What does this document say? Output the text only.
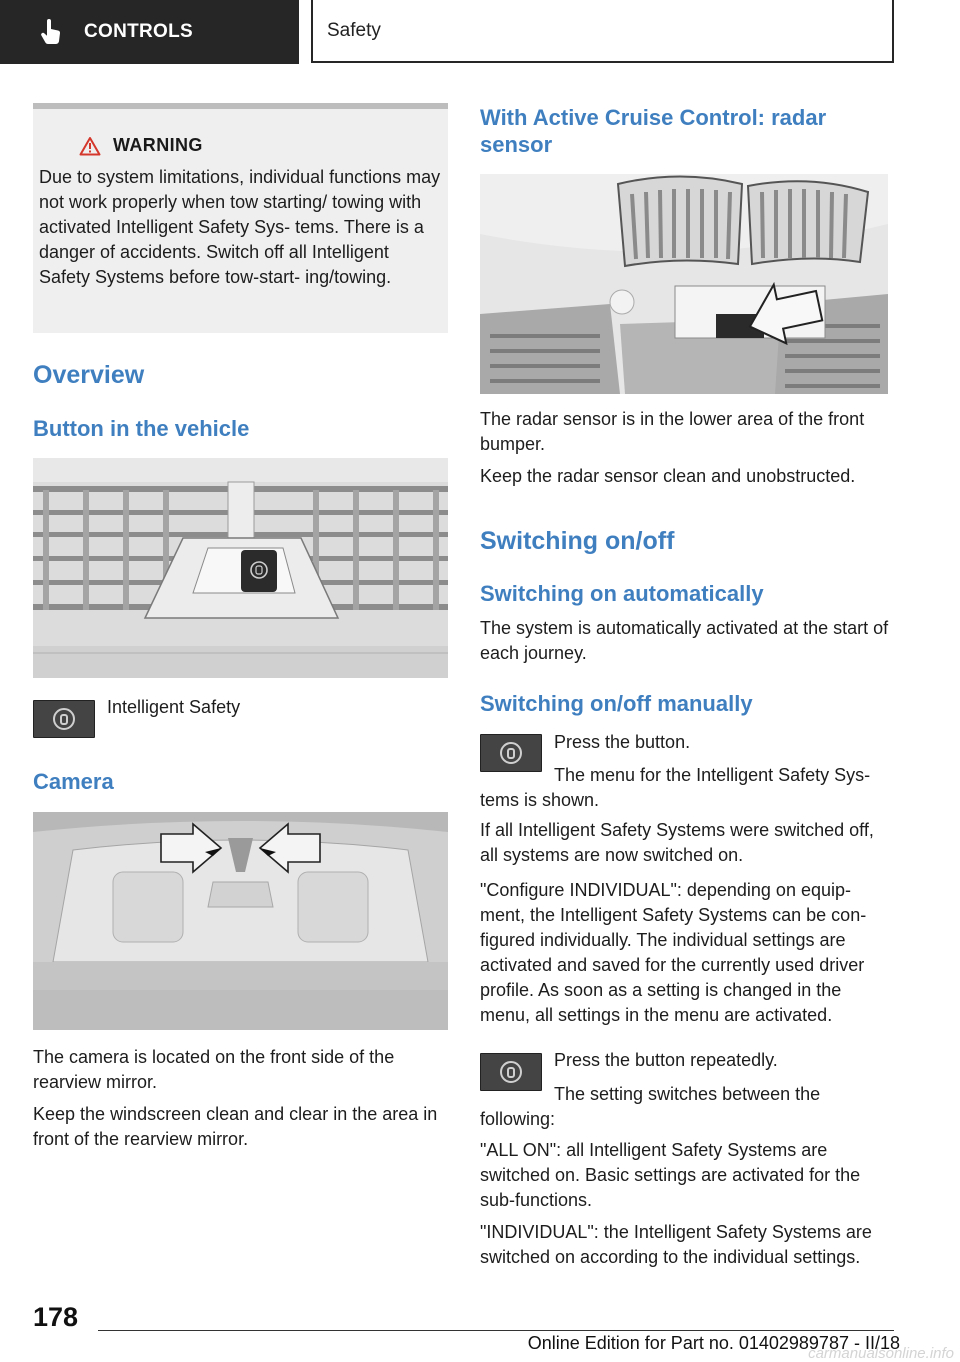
CONTROLS	Safety
WARNING

Due to system limitations, individual functions may not work properly when tow starting/ towing with activated Intelligent Safety Sys- tems. There is a danger of accidents. Switch off all Intelligent Safety Systems before tow‑start- ing/towing.

Overview
Button in the vehicle

Intelligent Safety

Camera

The camera is located on the front side of the rearview mirror.

Keep the windscreen clean and clear in the area in front of the rearview mirror.

With Active Cruise Control: radar sensor

The radar sensor is in the lower area of the front bumper.

Keep the radar sensor clean and unobstructed.

Switching on/off
Switching on automatically

The system is automatically activated at the start of each journey.

Switching on/off manually

Press the button.

The menu for the Intelligent Safety Sys-

tems is shown.

If all Intelligent Safety Systems were switched off, all systems are now switched on.

"Configure INDIVIDUAL": depending on equip- ment, the Intelligent Safety Systems can be con- figured individually. The individual settings are activated and saved for the currently used driver profile. As soon as a setting is changed in the menu, all settings in the menu are activated.

Press the button repeatedly.

The setting switches between the

following:

"ALL ON": all Intelligent Safety Systems are switched on. Basic settings are activated for the sub-functions.

"INDIVIDUAL": the Intelligent Safety Systems are switched on according to the individual settings.

178
Online Edition for Part no. 01402989787 - II/18
carmanualsonline.info
